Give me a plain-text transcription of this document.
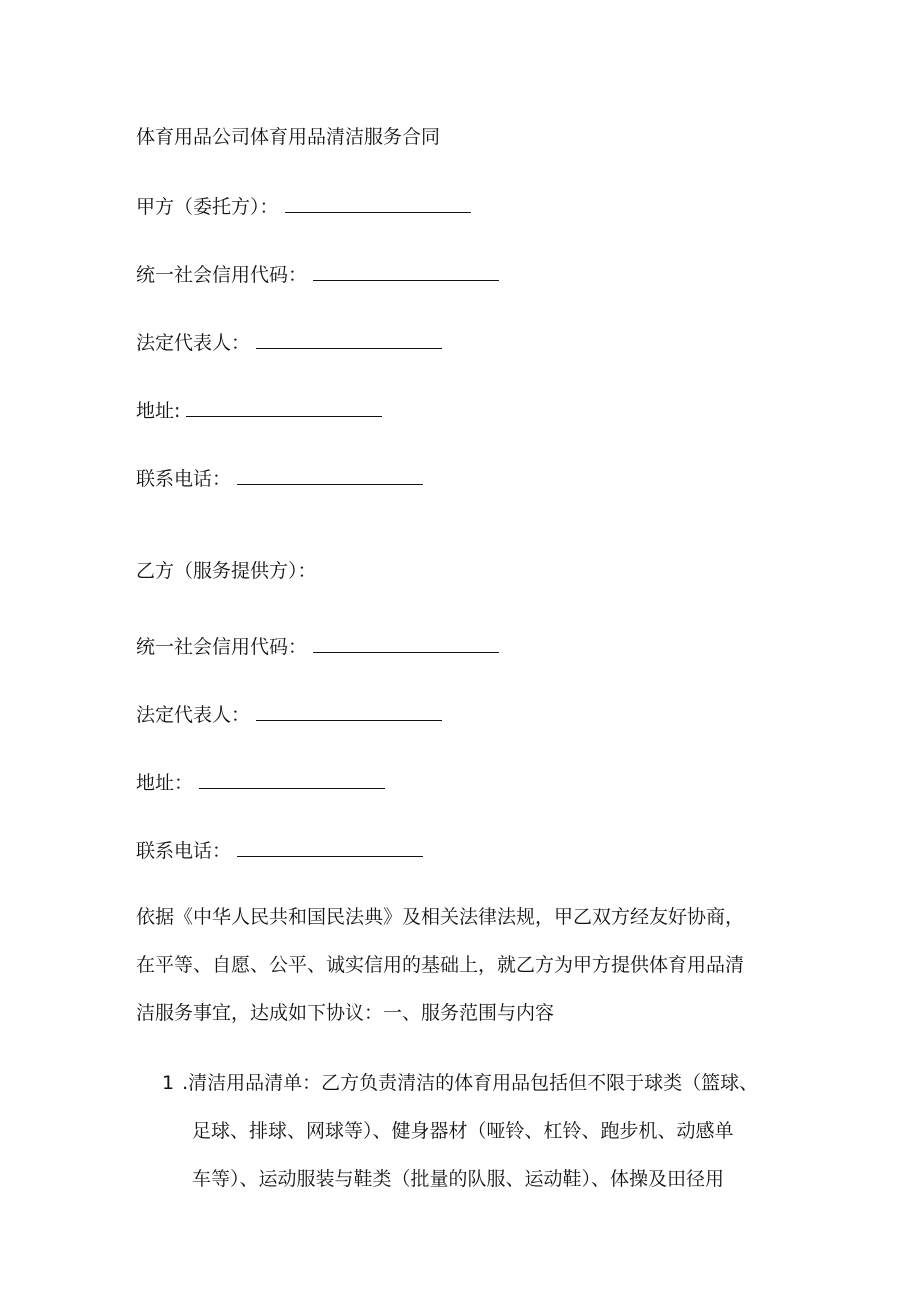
体育用品公司体育用品清洁服务合同
甲方（委托方）：
统一社会信用代码：
法定代表人：
地址:
联系电话：
乙方（服务提供方）：
统一社会信用代码：
法定代表人：
地址：
联系电话：
依据《中华人民共和国民法典》及相关法律法规，甲乙双方经友好协商，
在平等、自愿、公平、诚实信用的基础上，就乙方为甲方提供体育用品清
洁服务事宜，达成如下协议：一、服务范围与内容
1 .清洁用品清单：乙方负责清洁的体育用品包括但不限于球类（篮球、
足球、排球、网球等）、健身器材（哑铃、杠铃、跑步机、动感单
车等）、运动服装与鞋类（批量的队服、运动鞋）、体操及田径用
